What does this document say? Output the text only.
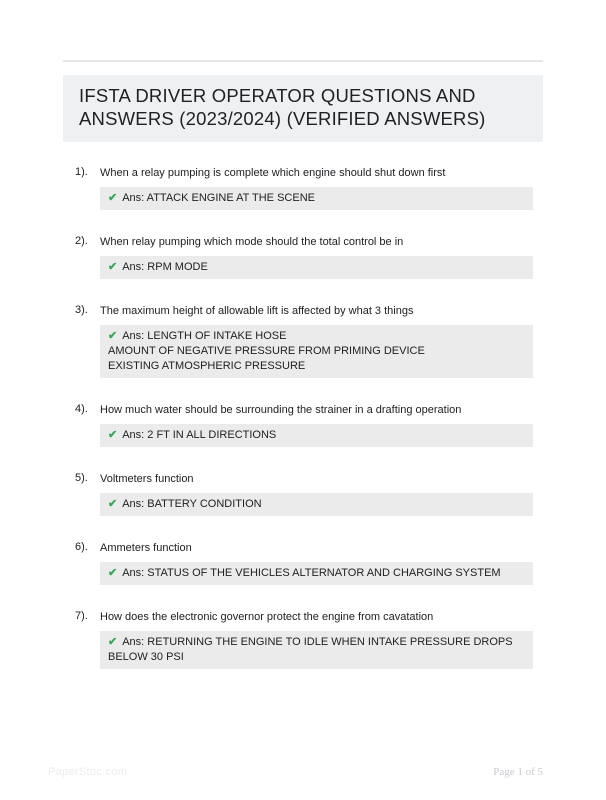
IFSTA DRIVER OPERATOR QUESTIONS AND ANSWERS (2023/2024) (VERIFIED ANSWERS)
1).	When a relay pumping is complete which engine should shut down first
✔ Ans: ATTACK ENGINE AT THE SCENE
2).	When relay pumping which mode should the total control be in
✔ Ans: RPM MODE
3).	The maximum height of allowable lift is affected by what 3 things
✔ Ans: LENGTH OF INTAKE HOSE
AMOUNT OF NEGATIVE PRESSURE FROM PRIMING DEVICE
EXISTING ATMOSPHERIC PRESSURE
4).	How much water should be surrounding the strainer in a drafting operation
✔ Ans: 2 FT IN ALL DIRECTIONS
5).	Voltmeters function
✔ Ans: BATTERY CONDITION
6).	Ammeters function
✔ Ans: STATUS OF THE VEHICLES ALTERNATOR AND CHARGING SYSTEM
7).	How does the electronic governor protect the engine from cavatation
✔ Ans: RETURNING THE ENGINE TO IDLE WHEN INTAKE PRESSURE DROPS BELOW 30 PSI
PaperStoc.com	Page 1 of 5
